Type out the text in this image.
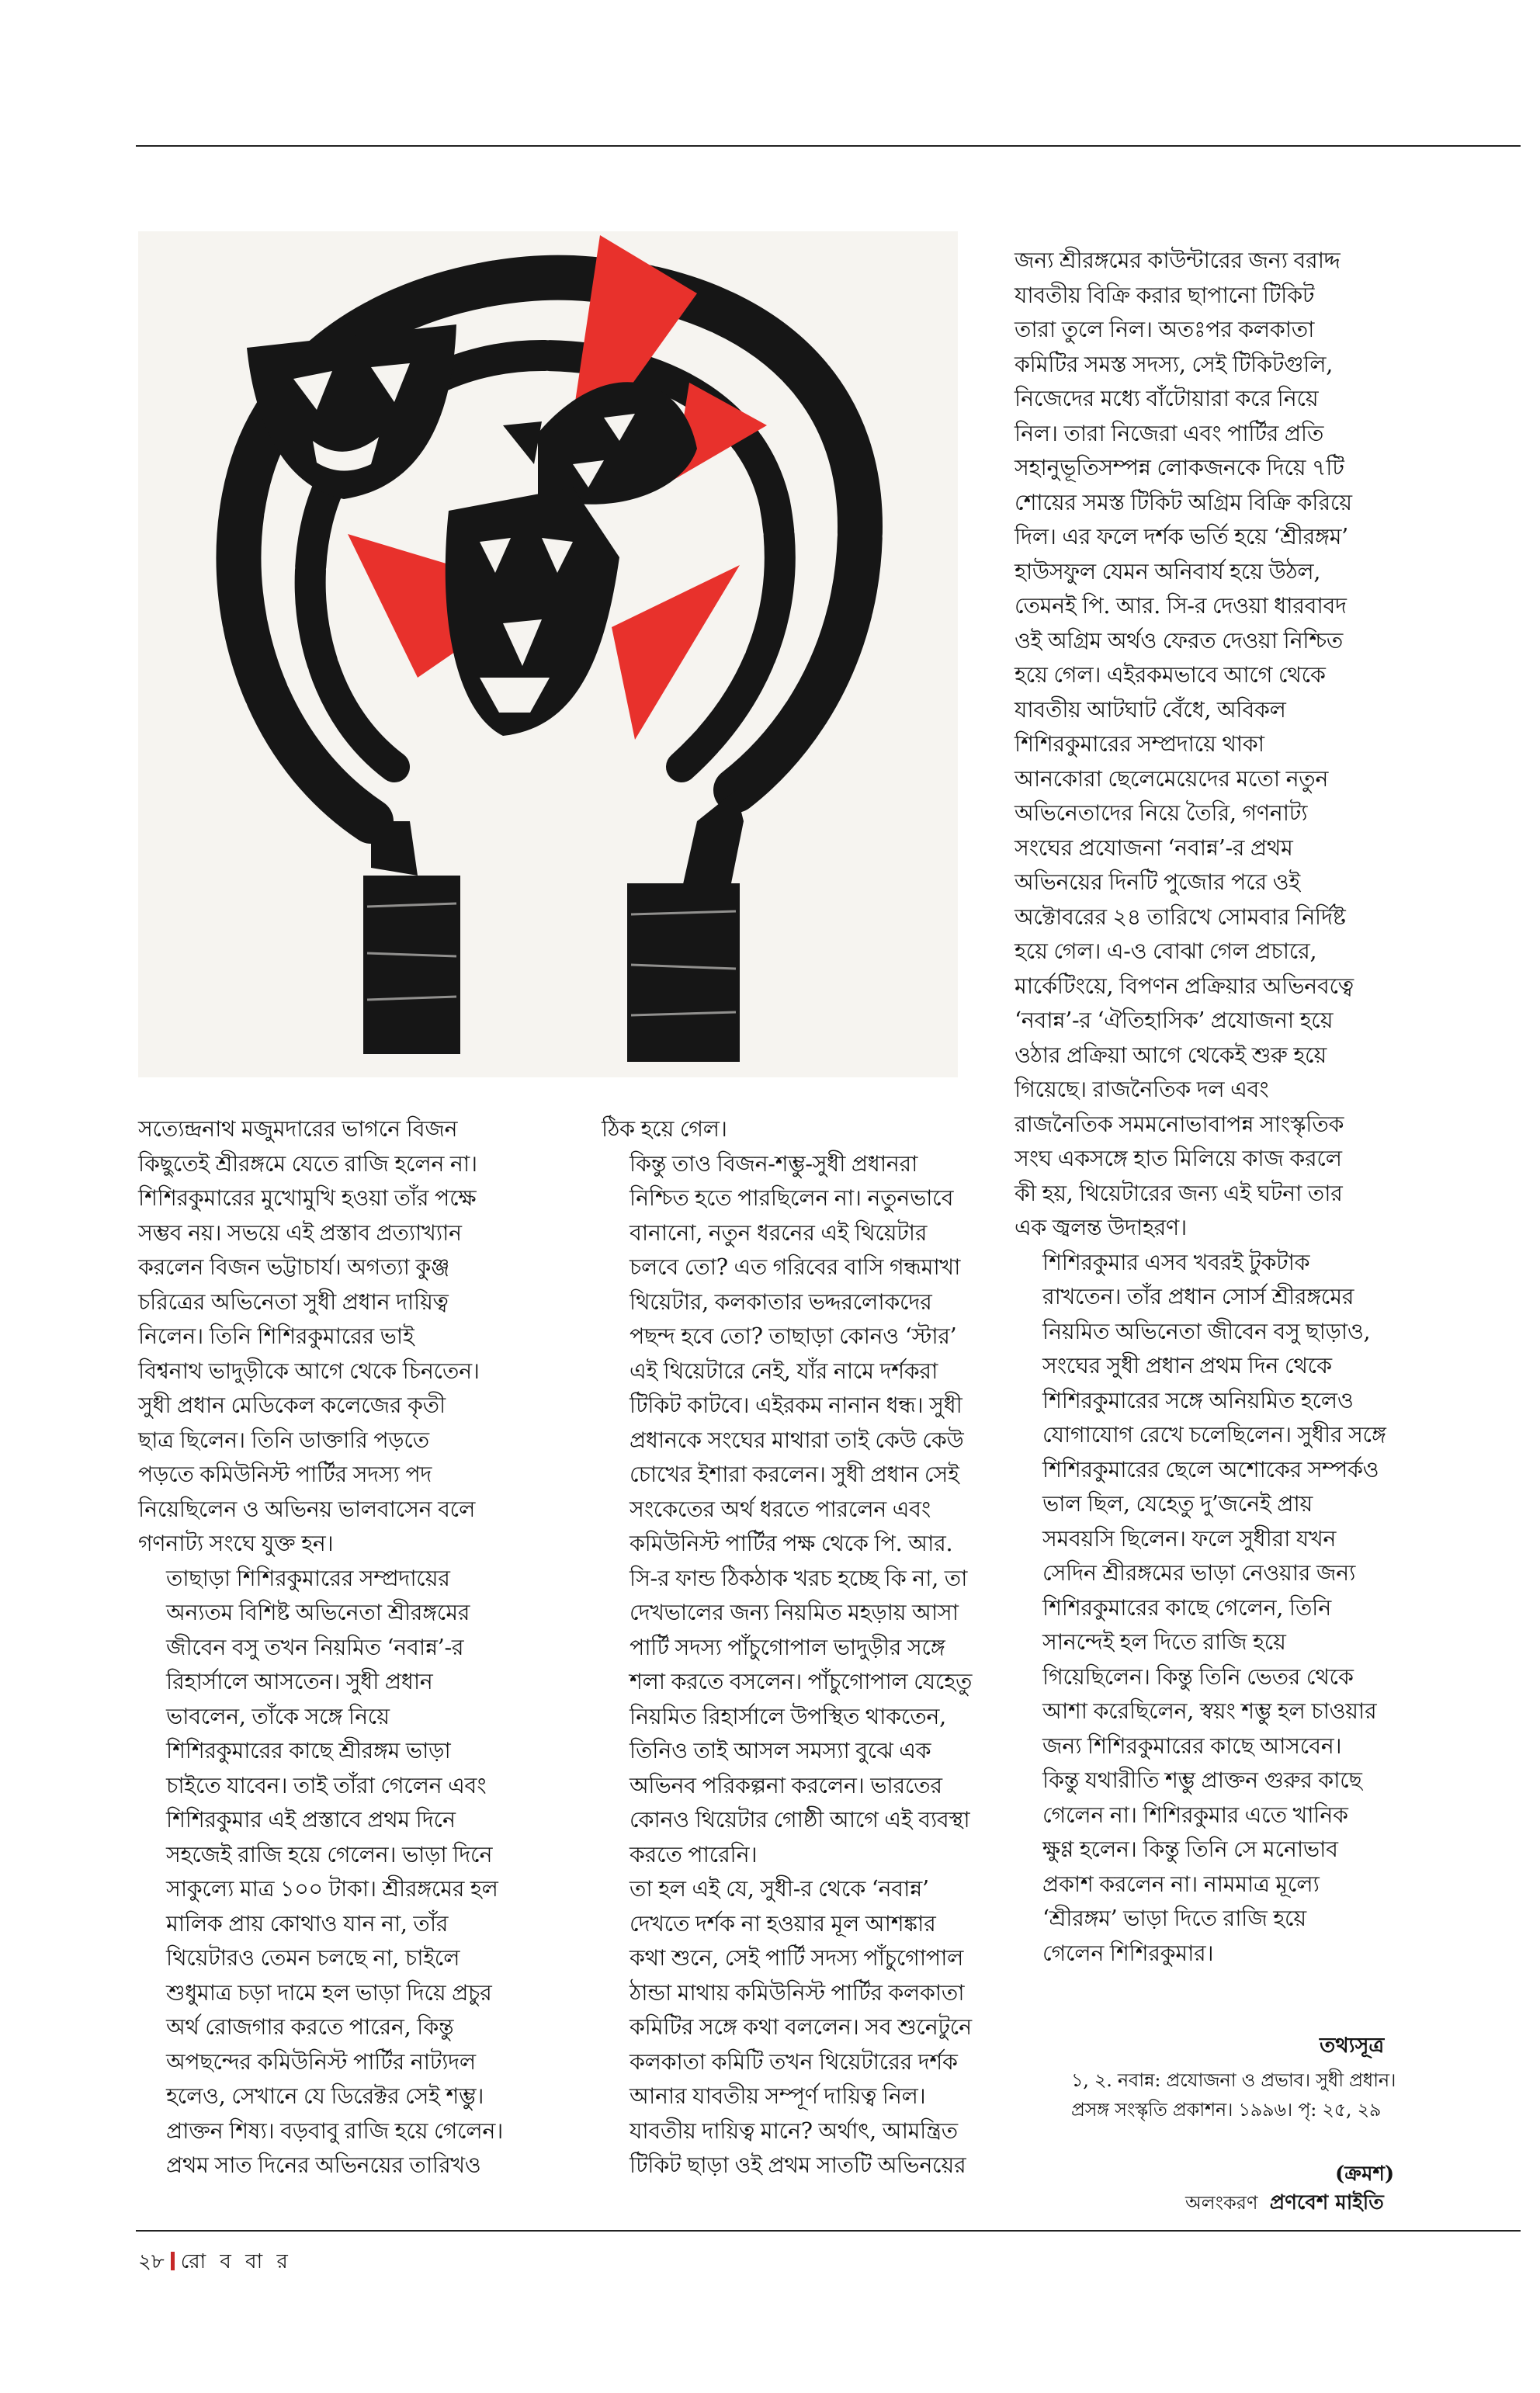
সত্যেন্দ্রনাথ মজুমদারের ভাগনে বিজন
কিছুতেই শ্রীরঙ্গমে যেতে রাজি হলেন না।
শিশিরকুমারের মুখোমুখি হওয়া তাঁর পক্ষে
সম্ভব নয়। সভয়ে এই প্রস্তাব প্রত্যাখ্যান
করলেন বিজন ভট্টাচার্য। অগত্যা কুঞ্জ
চরিত্রের অভিনেতা সুধী প্রধান দায়িত্ব
নিলেন। তিনি শিশিরকুমারের ভাই
বিশ্বনাথ ভাদুড়ীকে আগে থেকে চিনতেন।
সুধী প্রধান মেডিকেল কলেজের কৃতী
ছাত্র ছিলেন। তিনি ডাক্তারি পড়তে
পড়তে কমিউনিস্ট পার্টির সদস্য পদ
নিয়েছিলেন ও অভিনয় ভালবাসেন বলে
গণনাট্য সংঘে যুক্ত হন।

তাছাড়া শিশিরকুমারের সম্প্রদায়ের
অন্যতম বিশিষ্ট অভিনেতা শ্রীরঙ্গমের
জীবেন বসু তখন নিয়মিত ‘নবান্ন’-র
রিহার্সালে আসতেন। সুধী প্রধান
ভাবলেন, তাঁকে সঙ্গে নিয়ে
শিশিরকুমারের কাছে শ্রীরঙ্গম ভাড়া
চাইতে যাবেন। তাই তাঁরা গেলেন এবং
শিশিরকুমার এই প্রস্তাবে প্রথম দিনে
সহজেই রাজি হয়ে গেলেন। ভাড়া দিনে
সাকুল্যে মাত্র ১০০ টাকা। শ্রীরঙ্গমের হল
মালিক প্রায় কোথাও যান না, তাঁর
থিয়েটারও তেমন চলছে না, চাইলে
শুধুমাত্র চড়া দামে হল ভাড়া দিয়ে প্রচুর
অর্থ রোজগার করতে পারেন, কিন্তু
অপছন্দের কমিউনিস্ট পার্টির নাট্যদল
হলেও, সেখানে যে ডিরেক্টর সেই শম্ভু।
প্রাক্তন শিষ্য। বড়বাবু রাজি হয়ে গেলেন।
প্রথম সাত দিনের অভিনয়ের তারিখও

ঠিক হয়ে গেল।

কিন্তু তাও বিজন-শম্ভু-সুধী প্রধানরা
নিশ্চিত হতে পারছিলেন না। নতুনভাবে
বানানো, নতুন ধরনের এই থিয়েটার
চলবে তো? এত গরিবের বাসি গন্ধমাখা
থিয়েটার, কলকাতার ভদ্দরলোকদের
পছন্দ হবে তো? তাছাড়া কোনও ‘স্টার’
এই থিয়েটারে নেই, যাঁর নামে দর্শকরা
টিকিট কাটবে। এইরকম নানান ধন্ধ। সুধী
প্রধানকে সংঘের মাথারা তাই কেউ কেউ
চোখের ইশারা করলেন। সুধী প্রধান সেই
সংকেতের অর্থ ধরতে পারলেন এবং
কমিউনিস্ট পার্টির পক্ষ থেকে পি. আর.
সি-র ফান্ড ঠিকঠাক খরচ হচ্ছে কি না, তা
দেখভালের জন্য নিয়মিত মহড়ায় আসা
পার্টি সদস্য পাঁচুগোপাল ভাদুড়ীর সঙ্গে
শলা করতে বসলেন। পাঁচুগোপাল যেহেতু
নিয়মিত রিহার্সালে উপস্থিত থাকতেন,
তিনিও তাই আসল সমস্যা বুঝে এক
অভিনব পরিকল্পনা করলেন। ভারতের
কোনও থিয়েটার গোষ্ঠী আগে এই ব্যবস্থা
করতে পারেনি।

তা হল এই যে, সুধী-র থেকে ‘নবান্ন’
দেখতে দর্শক না হওয়ার মূল আশঙ্কার
কথা শুনে, সেই পার্টি সদস্য পাঁচুগোপাল
ঠান্ডা মাথায় কমিউনিস্ট পার্টির কলকাতা
কমিটির সঙ্গে কথা বললেন। সব শুনেটুনে
কলকাতা কমিটি তখন থিয়েটারের দর্শক
আনার যাবতীয় সম্পূর্ণ দায়িত্ব নিল।
যাবতীয় দায়িত্ব মানে? অর্থাৎ, আমন্ত্রিত
টিকিট ছাড়া ওই প্রথম সাতটি অভিনয়ের

জন্য শ্রীরঙ্গমের কাউন্টারের জন্য বরাদ্দ
যাবতীয় বিক্রি করার ছাপানো টিকিট
তারা তুলে নিল। অতঃপর কলকাতা
কমিটির সমস্ত সদস্য, সেই টিকিটগুলি,
নিজেদের মধ্যে বাঁটোয়ারা করে নিয়ে
নিল। তারা নিজেরা এবং পার্টির প্রতি
সহানুভূতিসম্পন্ন লোকজনকে দিয়ে ৭টি
শোয়ের সমস্ত টিকিট অগ্রিম বিক্রি করিয়ে
দিল। এর ফলে দর্শক ভর্তি হয়ে ‘শ্রীরঙ্গম’
হাউসফুল যেমন অনিবার্য হয়ে উঠল,
তেমনই পি. আর. সি-র দেওয়া ধারবাবদ
ওই অগ্রিম অর্থও ফেরত দেওয়া নিশ্চিত
হয়ে গেল। এইরকমভাবে আগে থেকে
যাবতীয় আটঘাট বেঁধে, অবিকল
শিশিরকুমারের সম্প্রদায়ে থাকা
আনকোরা ছেলেমেয়েদের মতো নতুন
অভিনেতাদের নিয়ে তৈরি, গণনাট্য
সংঘের প্রযোজনা ‘নবান্ন’-র প্রথম
অভিনয়ের দিনটি পুজোর পরে ওই
অক্টোবরের ২৪ তারিখে সোমবার নির্দিষ্ট
হয়ে গেল। এ-ও বোঝা গেল প্রচারে,
মার্কেটিংয়ে, বিপণন প্রক্রিয়ার অভিনবত্বে
‘নবান্ন’-র ‘ঐতিহাসিক’ প্রযোজনা হয়ে
ওঠার প্রক্রিয়া আগে থেকেই শুরু হয়ে
গিয়েছে। রাজনৈতিক দল এবং
রাজনৈতিক সমমনোভাবাপন্ন সাংস্কৃতিক
সংঘ একসঙ্গে হাত মিলিয়ে কাজ করলে
কী হয়, থিয়েটারের জন্য এই ঘটনা তার
এক জ্বলন্ত উদাহরণ।

শিশিরকুমার এসব খবরই টুকটাক
রাখতেন। তাঁর প্রধান সোর্স শ্রীরঙ্গমের
নিয়মিত অভিনেতা জীবেন বসু ছাড়াও,
সংঘের সুধী প্রধান প্রথম দিন থেকে
শিশিরকুমারের সঙ্গে অনিয়মিত হলেও
যোগাযোগ রেখে চলেছিলেন। সুধীর সঙ্গে
শিশিরকুমারের ছেলে অশোকের সম্পর্কও
ভাল ছিল, যেহেতু দু’জনেই প্রায়
সমবয়সি ছিলেন। ফলে সুধীরা যখন
সেদিন শ্রীরঙ্গমের ভাড়া নেওয়ার জন্য
শিশিরকুমারের কাছে গেলেন, তিনি
সানন্দেই হল দিতে রাজি হয়ে
গিয়েছিলেন। কিন্তু তিনি ভেতর থেকে
আশা করেছিলেন, স্বয়ং শম্ভু হল চাওয়ার
জন্য শিশিরকুমারের কাছে আসবেন।
কিন্তু যথারীতি শম্ভু প্রাক্তন গুরুর কাছে
গেলেন না। শিশিরকুমার এতে খানিক
ক্ষুণ্ণ হলেন। কিন্তু তিনি সে মনোভাব
প্রকাশ করলেন না। নামমাত্র মূল্যে
‘শ্রীরঙ্গম’ ভাড়া দিতে রাজি হয়ে
গেলেন শিশিরকুমার।

তথ্যসূত্র
১, ২. নবান্ন: প্রযোজনা ও প্রভাব। সুধী প্রধান।
প্রসঙ্গ সংস্কৃতি প্রকাশন। ১৯৯৬। পৃ: ২৫, ২৯
(ক্রমশ)
অলংকরণ প্রণবেশ মাইতি
২৮ রো ব বা র
